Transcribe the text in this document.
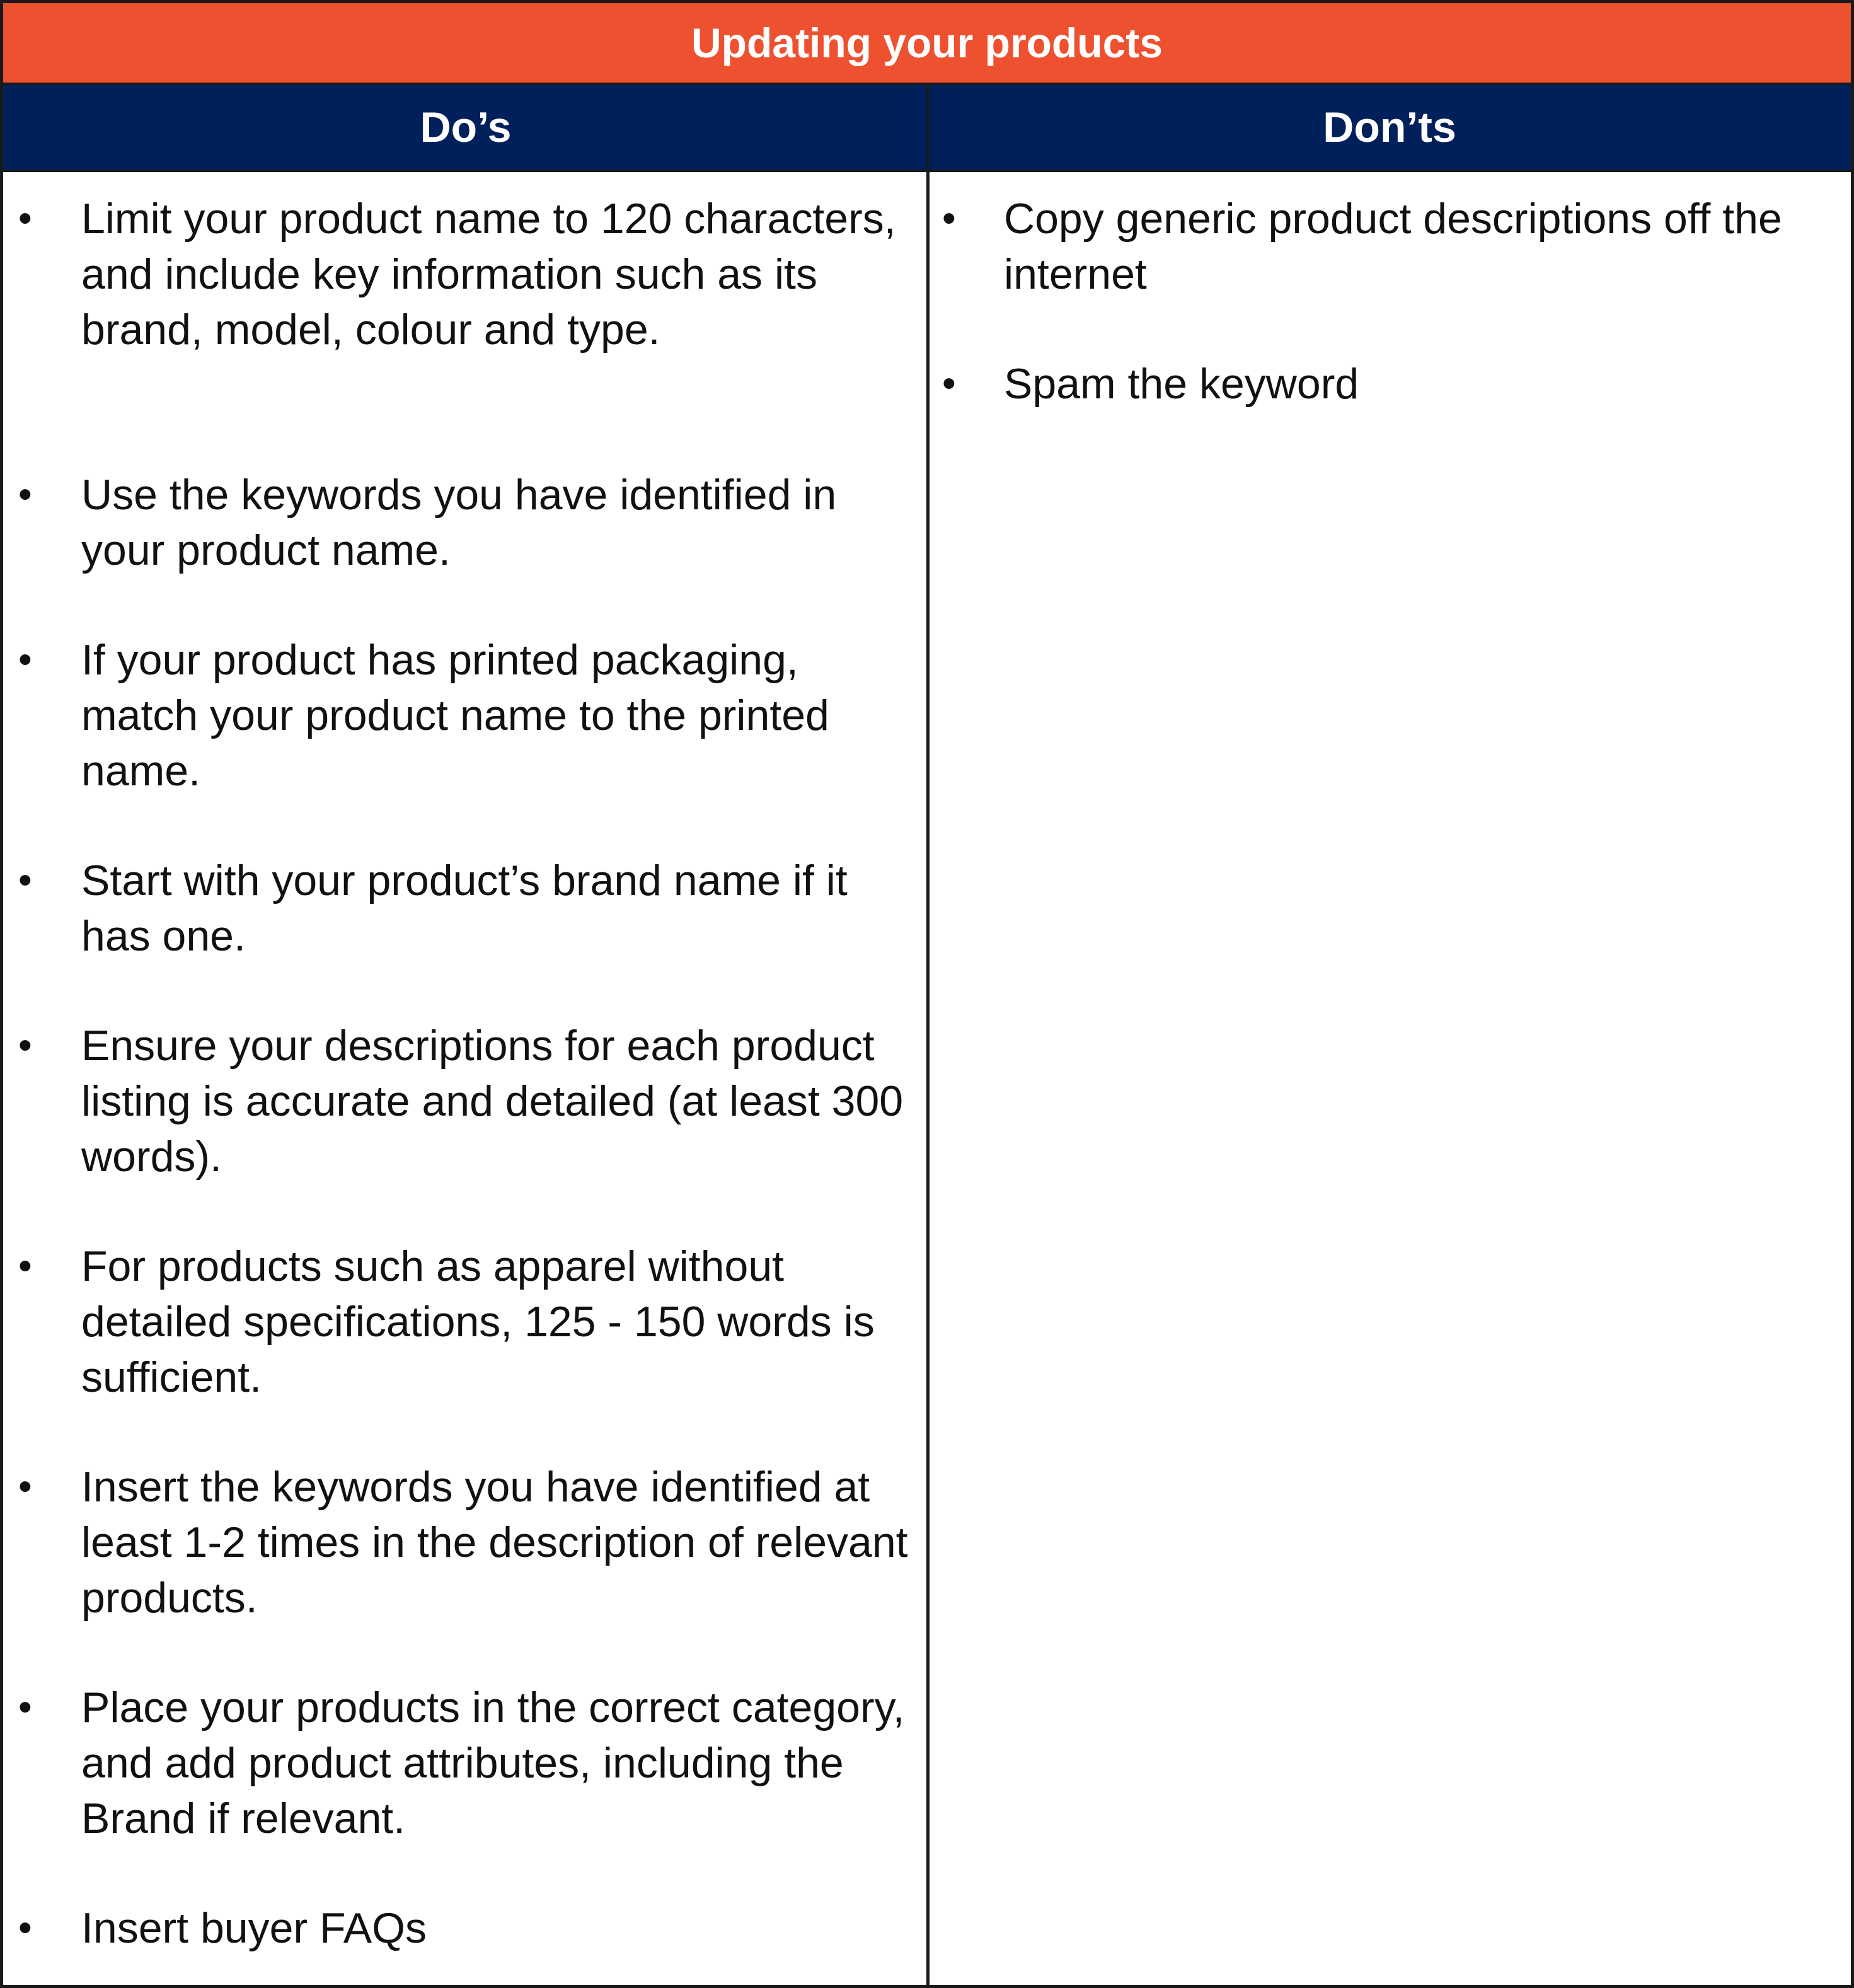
Updating your products
Do’s	Don’ts
• Limit your product name to 120 characters, and include key information such as its brand, model, colour and type.
• Use the keywords you have identified in your product name.
• If your product has printed packaging, match your product name to the printed name.
• Start with your product’s brand name if it has one.
• Ensure your descriptions for each product listing is accurate and detailed (at least 300 words).
• For products such as apparel without detailed specifications, 125 - 150 words is sufficient.
• Insert the keywords you have identified at least 1-2 times in the description of relevant products.
• Place your products in the correct category, and add product attributes, including the Brand if relevant.
• Insert buyer FAQs
• Copy generic product descriptions off the internet
• Spam the keyword
